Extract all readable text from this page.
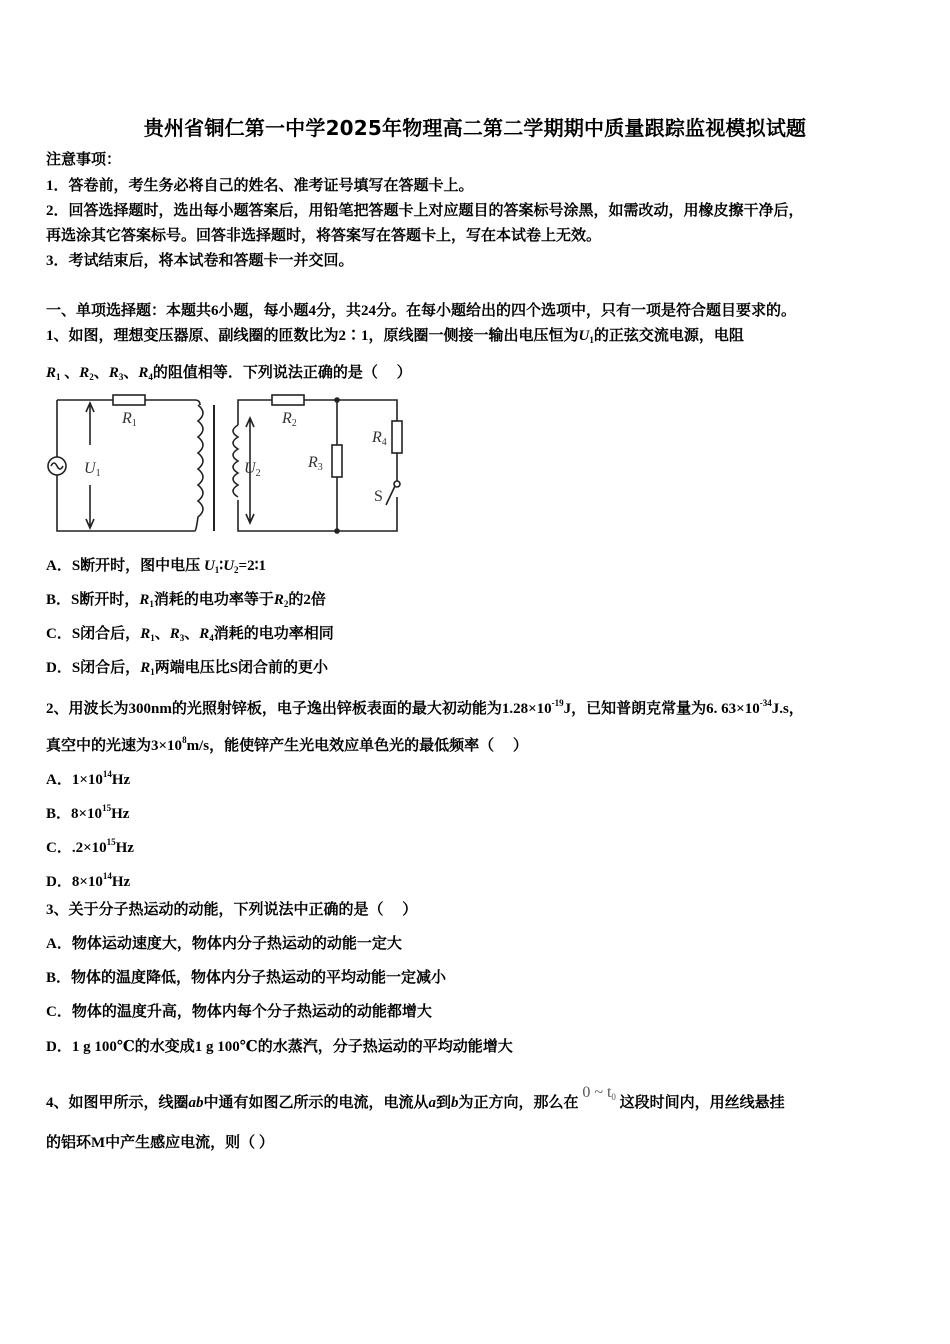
贵州省铜仁第一中学2025年物理高二第二学期期中质量跟踪监视模拟试题
注意事项：
1．答卷前，考生务必将自己的姓名、准考证号填写在答题卡上。
2．回答选择题时，选出每小题答案后，用铅笔把答题卡上对应题目的答案标号涂黑，如需改动，用橡皮擦干净后，
再选涂其它答案标号。回答非选择题时，将答案写在答题卡上，写在本试卷上无效。
3．考试结束后，将本试卷和答题卡一并交回。
一、单项选择题：本题共6小题，每小题4分，共24分。在每小题给出的四个选项中，只有一项是符合题目要求的。
1、如图，理想变压器原、副线圈的匝数比为2∶1，原线圈一侧接一输出电压恒为$U_1$的正弦交流电源，电阻
$R_1$ 、$R_2$、$R_3$、$R_4$的阻值相等．下列说法正确的是（　 ）
A．S断开时，图中电压 $U_1∶U_2=2∶1$
B．S断开时，$R_1$消耗的电功率等于$R_2$的2倍
C．S闭合后，$R_1$、$R_3$、$R_4$消耗的电功率相同
D．S闭合后，$R_1$两端电压比S闭合前的更小
2、用波长为300nm的光照射锌板，电子逸出锌板表面的最大初动能为$1.28\times 10^{-19}J$，已知普朗克常量为6. $63\times 10^{-34}J.s$，
真空中的光速为$3\times 10^8m/s$，能使锌产生光电效应单色光的最低频率（　 ）
A．$1\times 10^{14}Hz$
B．$8\times 10^{15}Hz$
C．$.2\times 10^{15}Hz$
D．$8\times 10^{14}Hz$
3、关于分子热运动的动能，下列说法中正确的是（　 ）
A．物体运动速度大，物体内分子热运动的动能一定大
B．物体的温度降低，物体内分子热运动的平均动能一定减小
C．物体的温度升高，物体内每个分子热运动的动能都增大
D．1 g 100℃的水变成1 g 100℃的水蒸汽，分子热运动的平均动能增大
4、如图甲所示，线圈ab中通有如图乙所示的电流，电流从a到b为正方向，那么在 0 ~ $t_0$ 这段时间内，用丝线悬挂
的铝环M中产生感应电流，则（ ）
R1	R2
R3
R4
U1	U2
S
